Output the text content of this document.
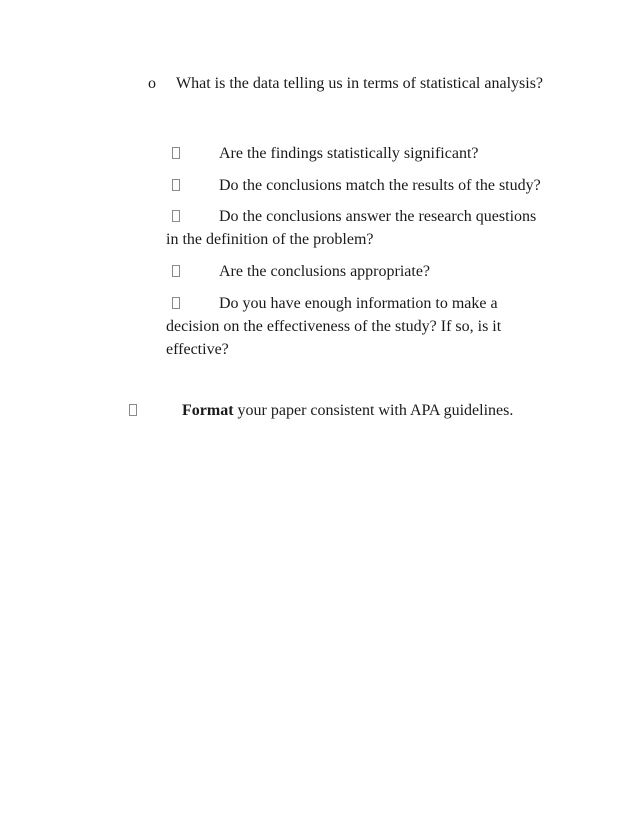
o What is the data telling us in terms of statistical analysis?
Are the findings statistically significant?
Do the conclusions match the results of the study?
Do the conclusions answer the research questions
in the definition of the problem?
Are the conclusions appropriate?
Do you have enough information to make a
decision on the effectiveness of the study? If so, is it
effective?
Format your paper consistent with APA guidelines.
